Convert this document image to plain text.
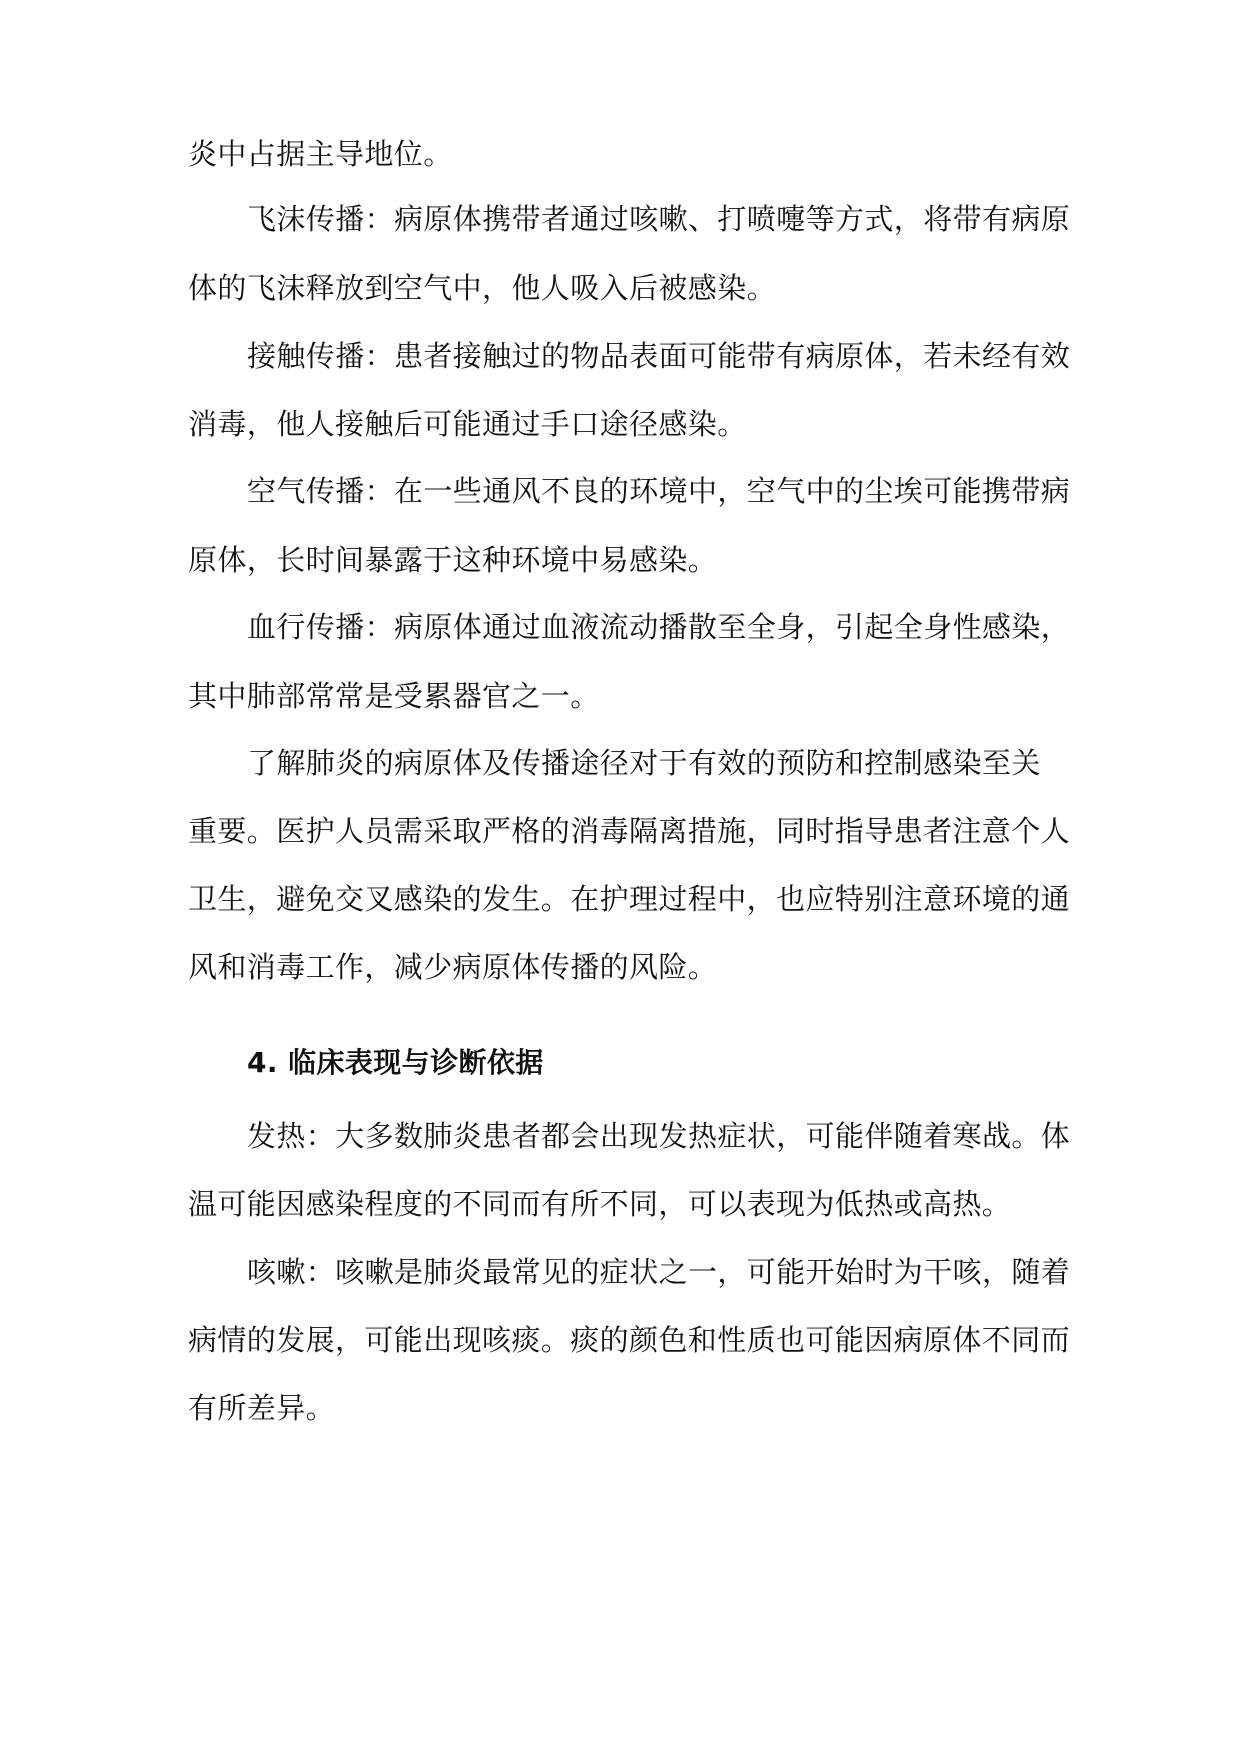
炎中占据主导地位。
飞沫传播：病原体携带者通过咳嗽、打喷嚏等方式，将带有病原
体的飞沫释放到空气中，他人吸入后被感染。
接触传播：患者接触过的物品表面可能带有病原体，若未经有效
消毒，他人接触后可能通过手口途径感染。
空气传播：在一些通风不良的环境中，空气中的尘埃可能携带病
原体，长时间暴露于这种环境中易感染。
血行传播：病原体通过血液流动播散至全身，引起全身性感染，
其中肺部常常是受累器官之一。
了解肺炎的病原体及传播途径对于有效的预防和控制感染至关
重要。医护人员需采取严格的消毒隔离措施，同时指导患者注意个人
卫生，避免交叉感染的发生。在护理过程中，也应特别注意环境的通
风和消毒工作，减少病原体传播的风险。
4. 临床表现与诊断依据
发热：大多数肺炎患者都会出现发热症状，可能伴随着寒战。体
温可能因感染程度的不同而有所不同，可以表现为低热或高热。
咳嗽：咳嗽是肺炎最常见的症状之一，可能开始时为干咳，随着
病情的发展，可能出现咳痰。痰的颜色和性质也可能因病原体不同而
有所差异。
